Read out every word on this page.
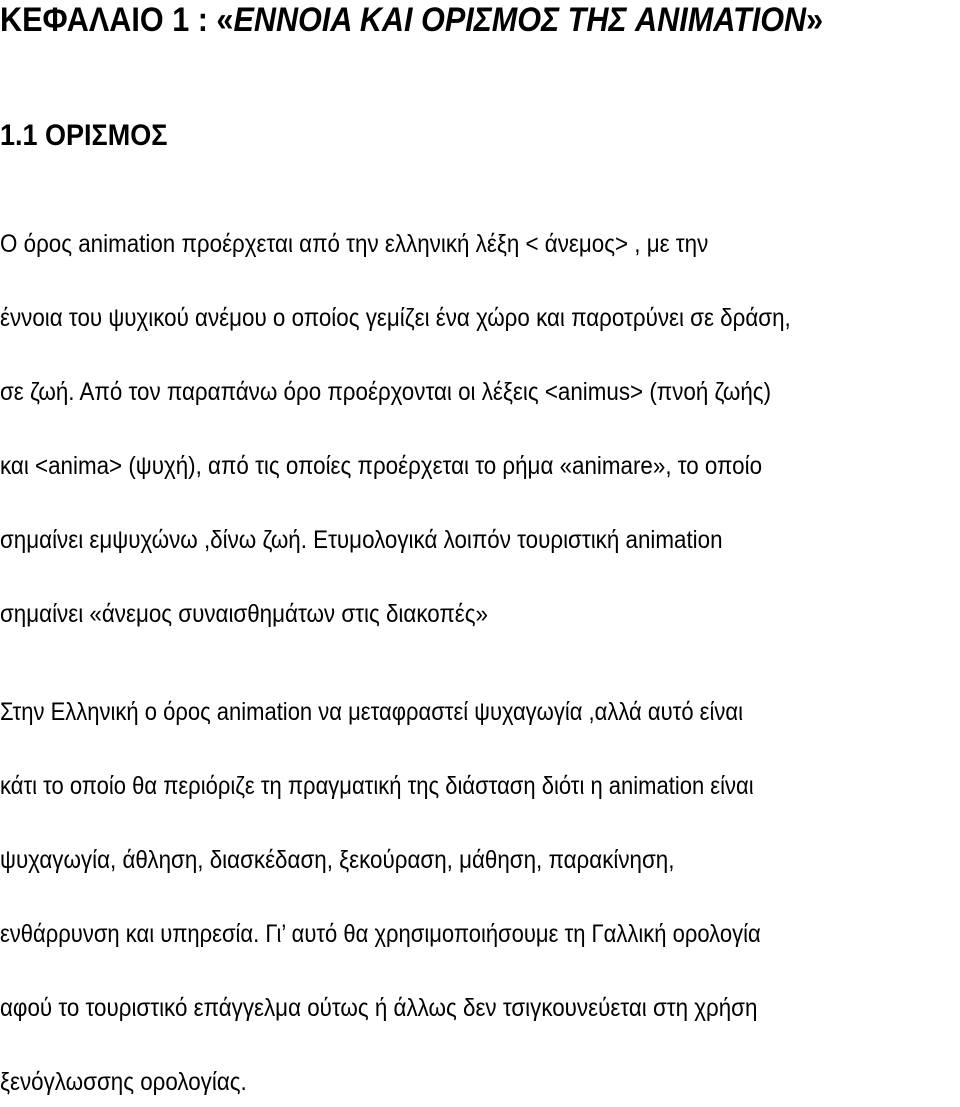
ΚΕΦΑΛΑΙΟ 1 : «ΕΝΝΟΙΑ ΚΑΙ ΟΡΙΣΜΟΣ ΤΗΣ ANIMATION»
1.1 ΟΡΙΣΜΟΣ

Ο όρος animation προέρχεται από την ελληνική λέξη < άνεμος> , με την

έννοια του ψυχικού ανέμου ο οποίος γεμίζει ένα χώρο και παροτρύνει σε δράση,

σε ζωή. Από τον παραπάνω όρο προέρχονται οι λέξεις <animus> (πνοή ζωής)

και <anima> (ψυχή), από τις οποίες προέρχεται το ρήμα «animare», το οποίο

σημαίνει εμψυχώνω ,δίνω ζωή. Ετυμολογικά λοιπόν τουριστική animation

σημαίνει «άνεμος συναισθημάτων στις διακοπές»

Στην Ελληνική ο όρος animation να μεταφραστεί ψυχαγωγία ,αλλά αυτό είναι

κάτι το οποίο θα περιόριζε τη πραγματική της διάσταση διότι η animation είναι

ψυχαγωγία, άθληση, διασκέδαση, ξεκούραση, μάθηση, παρακίνηση,

ενθάρρυνση και υπηρεσία. Γι’ αυτό θα χρησιμοποιήσουμε τη Γαλλική ορολογία

αφού το τουριστικό επάγγελμα ούτως ή άλλως δεν τσιγκουνεύεται στη χρήση

ξενόγλωσσης ορολογίας.
